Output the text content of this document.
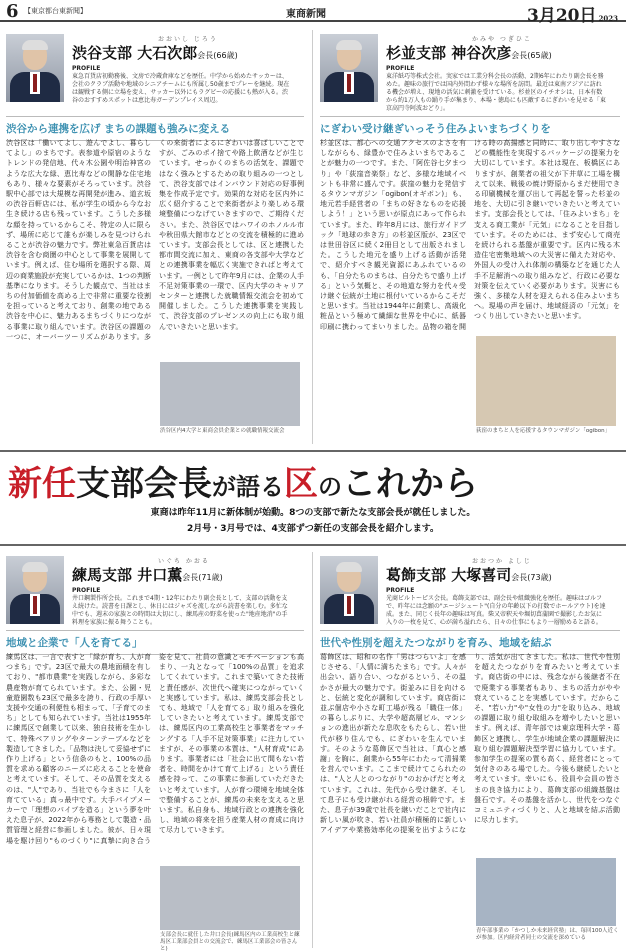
6 【東京都台東新聞】	東商新聞	3月20日 2023
おおいし じろう
渋谷支部 大石次郎会長(66歳)
PROFILE
東急百貨店初勤務後、文房で冷蔵倉庫などを歴任。中学から始めたサッカーは、会社のクラブ活動や地域のシニアチームにも所属し50歳までプレーを継続。現在は観戦する側に立場を変え、サッカー以外にもラグビーの応援にも熱が入る。渋谷のおすすめスポットは恵比寿ガーデンプレイス周辺。
渋谷から連携を広げ まちの課題も強みに変える
渋谷区は「働いてよし、遊んでよし、暮らしてよし」のまちです。表参道や原宿のようなトレンドの発信地、代々木公園や明治神宮のような広大な緑、恵比寿などの閑静な住宅地もあり、様々な要素がそろっています。渋谷駅中心部では大規模な再開発が進み、道玄坂の渋谷百軒店には、私が学生の頃から今なお生き続ける店も残っています。こうした多様な顔を持っているからこそ、特定の人に限らず、場所に応じて誰もが楽しみを見つけられることが渋谷の魅力です。弊社東急百貨店は渋谷を含む商圏の中心として事業を展開しています。例えば、住む場所を選択する際、周辺の商業施設が充実しているかは、1つの判断基準になります。そうした観点で、当社はまちの付加価値を高める上で非常に重要な役割を担っていると考えており、創業の地である渋谷を中心に、魅力あるまちづくりにつながる事業に取り組んでいます。渋谷区の課題の一つに、オーバーツーリズムがあります。多くの来街者によるにぎわいは喜ばしいことですが、ごみのポイ捨てや路上飲酒などが生じています。せっかくのまちの活気を、課題ではなく強みとするための取り組みの一つとして、渋谷支部ではインバウンド対応の好事例集を作成予定です。効果的な対応を区内外に広く紹介することで来街者がより楽しめる環境整備につなげていきますので、ご期待ください。また、渋谷区ではハワイのホノルル市や秋田県大館市などとの交流を積極的に進めています。支部会長としては、区と連携した都市間交流に加え、東商の各支部や大学などとの連携事業を幅広く実施できればと考えています。一例として昨年9月には、企業の人手不足対策事業の一環で、区内大学のキャリアセンターと連携した就職情報交流会を初めて開催しました。こうした連携事業を実践して、渋谷支部のプレゼンスの向上にも取り組んでいきたいと思います。
渋谷区内4大学と東商会員企業との就職情報交流会
かみや つぎひこ
杉並支部 神谷次彦会長(65歳)
PROFILE
東洋紙巧等株式会社。実家では工業分科会長の活動、2期6年にわたり副会長を務めた。趣味の旅行では国内外問わず様々な場所を訪問。最近は東南アジアに訪れる機会が増え、現地の活気に刺激を受けている。杉並区のイチオシは、日本有数から約1万人もの踊り手が集まり、本場・徳島にも匹敵するにぎわいを見せる「東京高円寺阿波おどり」。
にぎわい受け継ぎいっそう住みよいまちづくりを
杉並区は、都心への交通アクセスのよさを有しながらも、緑豊かで住みよいまちであることが魅力の一つです。また、「阿佐谷七夕まつり」や「荻窪音楽祭」など、多様な地域イベントも非常に盛んです。荻窪の魅力を発信するタウンマガジン「ogibon(オギボン)」も、地元若手経営者の「まちの好きなものを応援しよう！」という思いが原点にあって作られています。また、昨年8月には、旅行ガイドブック「地球の歩き方」の杉並区版が、23区では世田谷区に続く2冊目として出版されました。こうした地元を盛り上げる活動が活発で、紹介すべき観光資源にあふれているのも、「自分たちのまちは、自分たちで盛り上げる」という気概と、その地道な努力を代々受け継ぐ伝統が土地に根付いているからこそだと思います。当社は1944年に創業し、高級化粧品という極めて繊細な世界を中心に、紙器印刷に携わってまいりました。品物の箱を開ける時の高揚感と同時に、取り出しやすさなどの機能性を実現するパッケージの提案力を大切にしています。本社は現在、板橋区にありますが、創業者の祖父が下井草に工場を構えて以来、戦後の焼け野原からまだ使用できる印刷機械を運び出して再起を誓った杉並の地を、大切に引き継いでいきたいと考えています。支部会長としては、「住みよいまち」を支える商工業が「元気」になることを目指しています。そのためには、まず安心して商売を続けられる基盤が重要です。区内に残る木造住宅密集地域への大災害に備えた対応や、外国人の受け入れ体制の構築などを通じた人手不足解消への取り組みなど、行政に必要な対策を伝えていく必要があります。災害にも強く、多様な人材を迎えられる住みよいまちへ。現場の声を届け、地域経済の「元気」をつくり出していきたいと思います。
荻窪のまちと人を応援するタウンマガジン「ogibon」
新任支部会長が語る区のこれから
東商は昨年11月に新体制が始動。8つの支部で新たな支部会長が就任しました。
2月号・3月号では、4支部ずつ新任の支部会長を紹介します。
いぐち かおる
練馬支部 井口薫会長(71歳)
PROFILE
井口鋼製作所会長。これまで4期・12年にわたり副会長として、支部の活動を支え続けた。読書を日課とし、休日にはジャズを流しながら読書を楽しむ。多忙な中でも、週末の家族との時間は大切にし、練馬産の野菜を使った"地産地消"の手料理を家族に振る舞うことも。
地域と企業で「人を育てる」
練馬区は、一言で表すと「緑が育ち、人が育つまち」です。23区で最大の農地面積を有しており、"都市農業"を実践しながら、多彩な農産物が育てられています。また、公園・児童遊園数も23区で最多を誇り、行政の手厚い支援や交通の利便性も相まって、「子育てのまち」としても知られています。当社は1955年に練馬区で創業して以来、独自技術を生かして、特殊ベアリングやターンテーブルなどを製造してきました。「品物は決して妥協せずに作り上げる」という信条のもと、100%の品質を求める顧客のニーズに応えることを使命と考えています。そして、その品質を支えるのは、"人"であり、当社でも今まさに「人を育てている」真っ最中です。大手パイプメーカーで「理想のパイプを造る」という夢を叶えた息子が、2022年から専務として製造・品質管理と経営に参画しました。彼が、日々現場を駆け回り"ものづくり"に真摯に向き合う姿を見て、社員の意識とモチベーションも高まり、一丸となって「100%の品質」を追求してくれています。これまで築いてきた技術と責任感が、次世代へ確実につながっていくと実感しています。私は、練馬支部会長としても、地域で「人を育てる」取り組みを強化していきたいと考えています。練馬支部では、練馬区内の工業高校生と事業者をマッチングする「人手不足対策事業」に注力していますが、その事業の本質は、"人材育成"にあります。事業者には「社会に出て間もない若者を、時間をかけて育て上げる」という責任感を持って、この事業に参画していただきたいと考えています。人が育つ環境を地域全体で整備することが、練馬の未来を支えると思います。私自身も、地域行政との連携を強化し、地域の将来を担う産業人材の育成に向けて尽力していきます。
支部会長に就任した井口会長(練馬区内の工業高校生と練馬区工業部会員との交流会で、練馬区工業部会の皆さんと)
おおつか よしじ
葛飾支部 大塚喜司会長(73歳)
PROFILE
光商ビルトーピス会長。葛飾支部では、副会長や組織強化を歴任。趣味はゴルフで、昨年には念願の"エージシュート"(自分の年齢以下の打数でホールアウト)を達成。また、同じく長年の趣味は写真。柴又帝釈天や堀切菖蒲園で撮影したお気に入りの一枚を見て、心が満ち溢れたら、日々の仕事にもより一層励めると語る。
世代や性別を超えたつながりを育み、地域を結ぶ
葛飾区は、昭和の名作「男はつらいよ」を感じさせる、「人情に満ちたまち」です。人々が出会い、語り合い、つながるという、その温かさが最大の魅力です。街並みに目を向けると、伝統と変化が調和しています。商店街に並ぶ個店や小さな町工場が残る「職住一体」の暮らしぶりに、大学や超高層ビル、マンションの進出が新たな息吹をもたらし、若い世代が移り住んでも、にぎわいを生んでいます。そのような葛飾区で当社は、「真心と感謝」を胸に、創業から55年にわたって清掃業を営んでいます。ここまで続けてこられたのは、"人と人とのつながり"のおかげだと考えています。これは、先代から受け継ぎ、そして息子にも受け継がれる経営の根幹です。また、息子が39歳で社長を継いだことで社内に新しい風が吹き、若い社員が積極的に新しいアイデアや業務効率化の提案を出すようになり、活気が出てきました。私は、世代や性別を超えたつながりを育みたいと考えています。商店街の中には、残念ながら後継者不在で廃業する事業者もあり、まちの活力がやや衰えていることを実感しています。だからこそ、"若い力"や"女性の力"を取り込み、地域の課題に取り組む取組みを増やしたいと思います。例えば、青年部では東京理科大学・葛飾区と連携し、学生が地域企業の課題解決に取り組む課題解決型学習に協力しています。参加学生の提案の質も高く、経営者にとって気付きのある場でした。今後も継続したいと考えています。幸いにも、役員や会員の皆さまの良き協力により、葛飾支部の組織基盤は盤石です。その基盤を活かし、世代をつなぐコミュニティづくりと、人と地域を結ぶ活動に尽力します。
青年部事業の「かつしか未来経営塾」は、毎回100人近くが参加。区内経営者同士の交流を深めている
